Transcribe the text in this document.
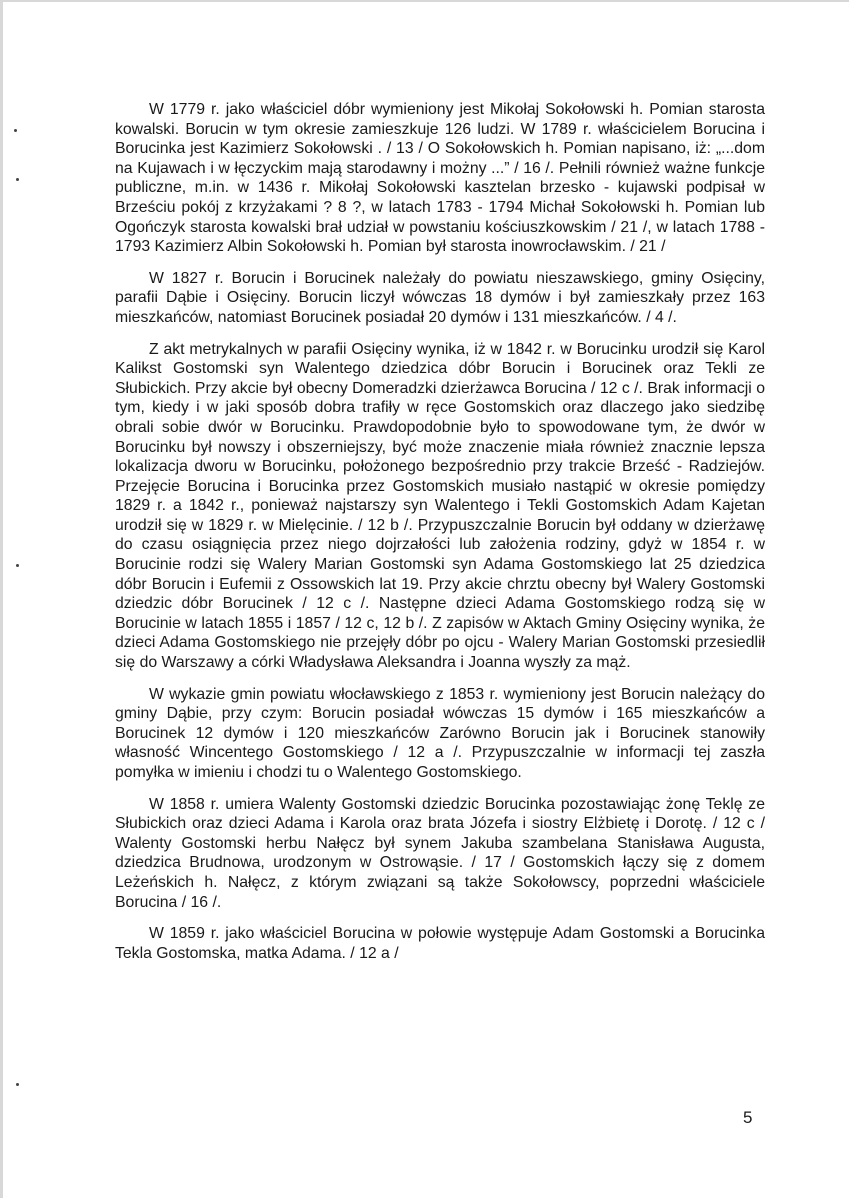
W 1779 r. jako właściciel dóbr wymieniony jest Mikołaj Sokołowski h. Pomian starosta kowalski. Borucin w tym okresie zamieszkuje 126 ludzi. W 1789 r. właścicielem Borucina i Borucinka jest Kazimierz Sokołowski . / 13 / O Sokołowskich h. Pomian napisano, iż: „...dom na Kujawach i w łęczyckim mają starodawny i możny ...” / 16 /. Pełnili również ważne funkcje publiczne, m.in. w 1436 r. Mikołaj Sokołowski kasztelan brzesko - kujawski podpisał w Brześciu pokój z krzyżakami ? 8 ?, w latach 1783 - 1794 Michał Sokołowski h. Pomian lub Ogończyk starosta kowalski brał udział w powstaniu kościuszkowskim / 21 /, w latach 1788 - 1793 Kazimierz Albin Sokołowski h. Pomian był starosta inowrocławskim. / 21 /

W 1827 r. Borucin i Borucinek należały do powiatu nieszawskiego, gminy Osięciny, parafii Dąbie i Osięciny. Borucin liczył wówczas 18 dymów i był zamieszkały przez 163 mieszkańców, natomiast Borucinek posiadał 20 dymów i 131 mieszkańców. / 4 /.

Z akt metrykalnych w parafii Osięciny wynika, iż w 1842 r. w Borucinku urodził się Karol Kalikst Gostomski syn Walentego dziedzica dóbr Borucin i Borucinek oraz Tekli ze Słubickich. Przy akcie był obecny Domeradzki dzierżawca Borucina / 12 c /. Brak informacji o tym, kiedy i w jaki sposób dobra trafiły w ręce Gostomskich oraz dlaczego jako siedzibę obrali sobie dwór w Borucinku. Prawdopodobnie było to spowodowane tym, że dwór w Borucinku był nowszy i obszerniejszy, być może znaczenie miała również znacznie lepsza lokalizacja dworu w Borucinku, położonego bezpośrednio przy trakcie Brześć - Radziejów. Przejęcie Borucina i Borucinka przez Gostomskich musiało nastąpić w okresie pomiędzy 1829 r. a 1842 r., ponieważ najstarszy syn Walentego i Tekli Gostomskich Adam Kajetan urodził się w 1829 r. w Mielęcinie. / 12 b /. Przypuszczalnie Borucin był oddany w dzierżawę do czasu osiągnięcia przez niego dojrzałości lub założenia rodziny, gdyż w 1854 r. w Borucinie rodzi się Walery Marian Gostomski syn Adama Gostomskiego lat 25 dziedzica dóbr Borucin i Eufemii z Ossowskich lat 19. Przy akcie chrztu obecny był Walery Gostomski dziedzic dóbr Borucinek / 12 c /. Następne dzieci Adama Gostomskiego rodzą się w Borucinie w latach 1855 i 1857 / 12 c, 12 b /. Z zapisów w Aktach Gminy Osięciny wynika, że dzieci Adama Gostomskiego nie przejęły dóbr po ojcu - Walery Marian Gostomski przesiedlił się do Warszawy a córki Władysława Aleksandra i Joanna wyszły za mąż.

W wykazie gmin powiatu włocławskiego z 1853 r. wymieniony jest Borucin należący do gminy Dąbie, przy czym: Borucin posiadał wówczas 15 dymów i 165 mieszkańców a Borucinek 12 dymów i 120 mieszkańców Zarówno Borucin jak i Borucinek stanowiły własność Wincentego Gostomskiego / 12 a /. Przypuszczalnie w informacji tej zaszła pomyłka w imieniu i chodzi tu o Walentego Gostomskiego.

W 1858 r. umiera Walenty Gostomski dziedzic Borucinka pozostawiając żonę Teklę ze Słubickich oraz dzieci Adama i Karola oraz brata Józefa i siostry Elżbietę i Dorotę. / 12 c / Walenty Gostomski herbu Nałęcz był synem Jakuba szambelana Stanisława Augusta, dziedzica Brudnowa, urodzonym w Ostrowąsie. / 17 / Gostomskich łączy się z domem Leżeńskich h. Nałęcz, z którym związani są także Sokołowscy, poprzedni właściciele Borucina / 16 /.

W 1859 r. jako właściciel Borucina w połowie występuje Adam Gostomski a Borucinka Tekla Gostomska, matka Adama. / 12 a /

5
